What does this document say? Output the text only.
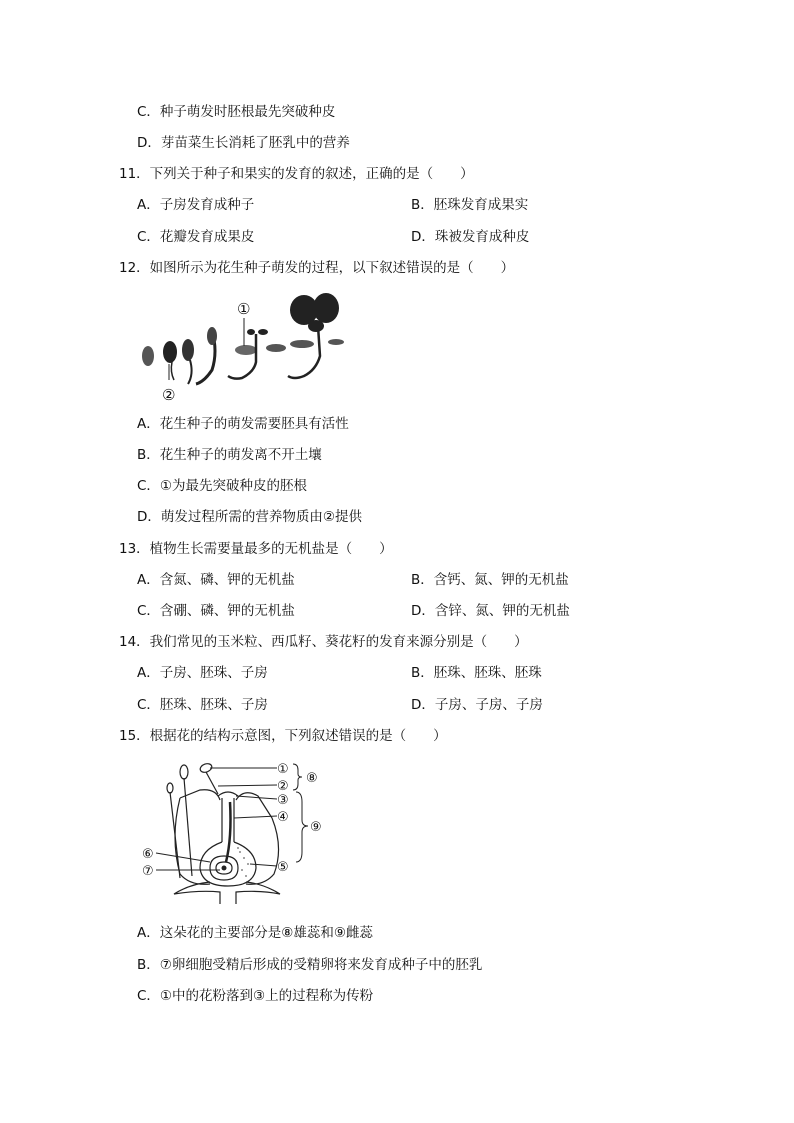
C．种子萌发时胚根最先突破种皮
D．芽苗菜生长消耗了胚乳中的营养
11．下列关于种子和果实的发育的叙述，正确的是（　　）
A．子房发育成种子	B．胚珠发育成果实
C．花瓣发育成果皮	D．珠被发育成种皮
12．如图所示为花生种子萌发的过程，以下叙述错误的是（　　）
①
②
A．花生种子的萌发需要胚具有活性
B．花生种子的萌发离不开土壤
C．①为最先突破种皮的胚根
D．萌发过程所需的营养物质由②提供
13．植物生长需要量最多的无机盐是（　　）
A．含氮、磷、钾的无机盐	B．含钙、氮、钾的无机盐
C．含硼、磷、钾的无机盐	D．含锌、氮、钾的无机盐
14．我们常见的玉米粒、西瓜籽、葵花籽的发育来源分别是（　　）
A．子房、胚珠、子房	B．胚珠、胚珠、胚珠
C．胚珠、胚珠、子房	D．子房、子房、子房
15．根据花的结构示意图，下列叙述错误的是（　　）
①
②
③
④
⑤
⑥
⑦
⑧
⑨
A．这朵花的主要部分是⑧雄蕊和⑨雌蕊
B．⑦卵细胞受精后形成的受精卵将来发育成种子中的胚乳
C．①中的花粉落到③上的过程称为传粉
